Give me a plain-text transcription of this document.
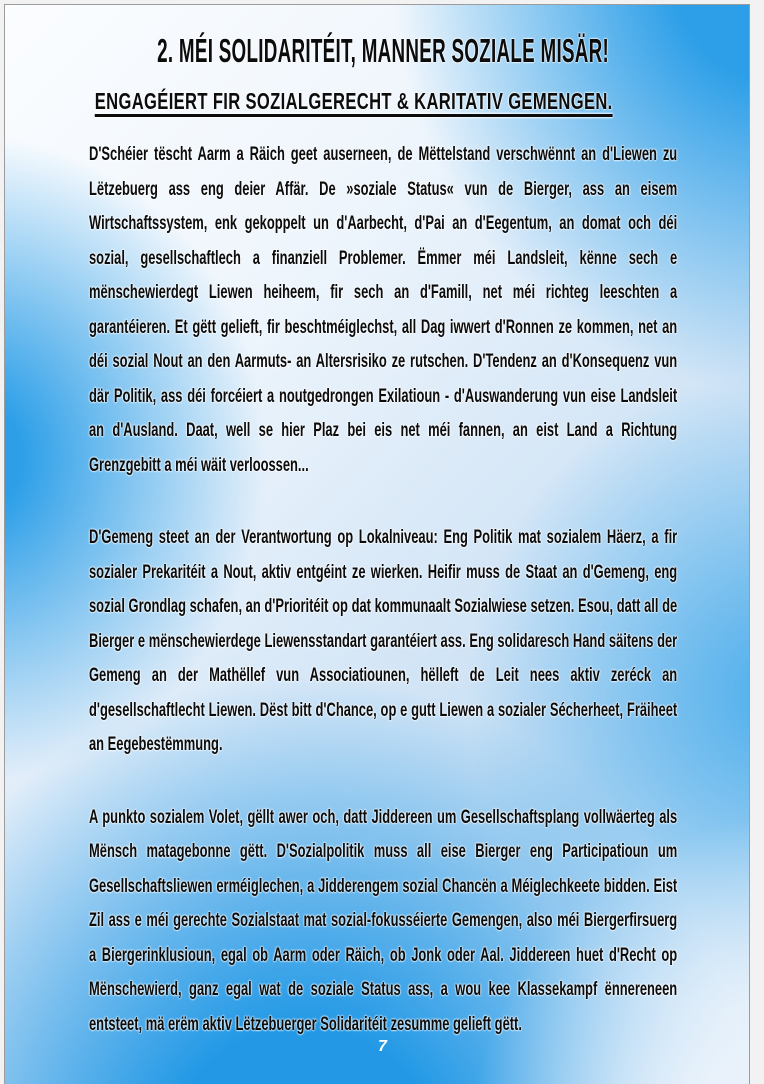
2. MÉI SOLIDARITÉIT, MANNER SOZIALE MISÄR!
ENGAGÉIERT FIR SOZIALGERECHT & KARITATIV GEMENGEN.

D'Schéier tëscht Aarm a Räich geet auserneen, de Mëttelstand verschwënnt an d'Liewen zu Lëtzebuerg ass eng deier Affär. De »soziale Status« vun de Bierger, ass an eisem Wirtschaftssystem, enk gekoppelt un d'Aarbecht, d'Pai an d'Eegentum, an domat och déi sozial, gesellschaftlech a finanziell Problemer. Ëmmer méi Landsleit, kënne sech e mënschewierdegt Liewen heiheem, fir sech an d'Famill, net méi richteg leeschten a garantéieren. Et gëtt gelieft, fir beschtméiglechst, all Dag iwwert d'Ronnen ze kommen, net an déi sozial Nout an den Aarmuts- an Altersrisiko ze rutschen. D'Tendenz an d'Konsequenz vun där Politik, ass déi forcéiert a noutgedrongen Exilatioun - d'Auswanderung vun eise Landsleit an d'Ausland. Daat, well se hier Plaz bei eis net méi fannen, an eist Land a Richtung Grenzgebitt a méi wäit verloossen...

D'Gemeng steet an der Verantwortung op Lokalniveau: Eng Politik mat sozialem Häerz, a fir sozialer Prekaritéit a Nout, aktiv entgéint ze wierken. Heifir muss de Staat an d'Gemeng, eng sozial Grondlag schafen, an d'Prioritéit op dat kommunaalt Sozialwiese setzen. Esou, datt all de Bierger e mënschewierdege Liewensstandart garantéiert ass. Eng solidaresch Hand säitens der Gemeng an der Mathëllef vun Associatiounen, hëlleft de Leit nees aktiv zeréck an d'gesellschaftlecht Liewen. Dëst bitt d'Chance, op e gutt Liewen a sozialer Sécherheet, Fräiheet an Eegebestëmmung.

A punkto sozialem Volet, gëllt awer och, datt Jiddereen um Gesellschaftsplang vollwäerteg als Mënsch matagebonne gëtt. D'Sozialpolitik muss all eise Bierger eng Participatioun um Gesellschaftsliewen erméiglechen, a Jidderengem sozial Chancën a Méiglechkeete bidden. Eist Zil ass e méi gerechte Sozialstaat mat sozial-fokusséierte Gemengen, also méi Biergerfirsuerg a Biergerinklusioun, egal ob Aarm oder Räich, ob Jonk oder Aal. Jiddereen huet d'Recht op Mënschewierd, ganz egal wat de soziale Status ass, a wou kee Klassekampf ënnereneen entsteet, mä erëm aktiv Lëtzebuerger Solidaritéit zesumme gelieft gëtt.

7
